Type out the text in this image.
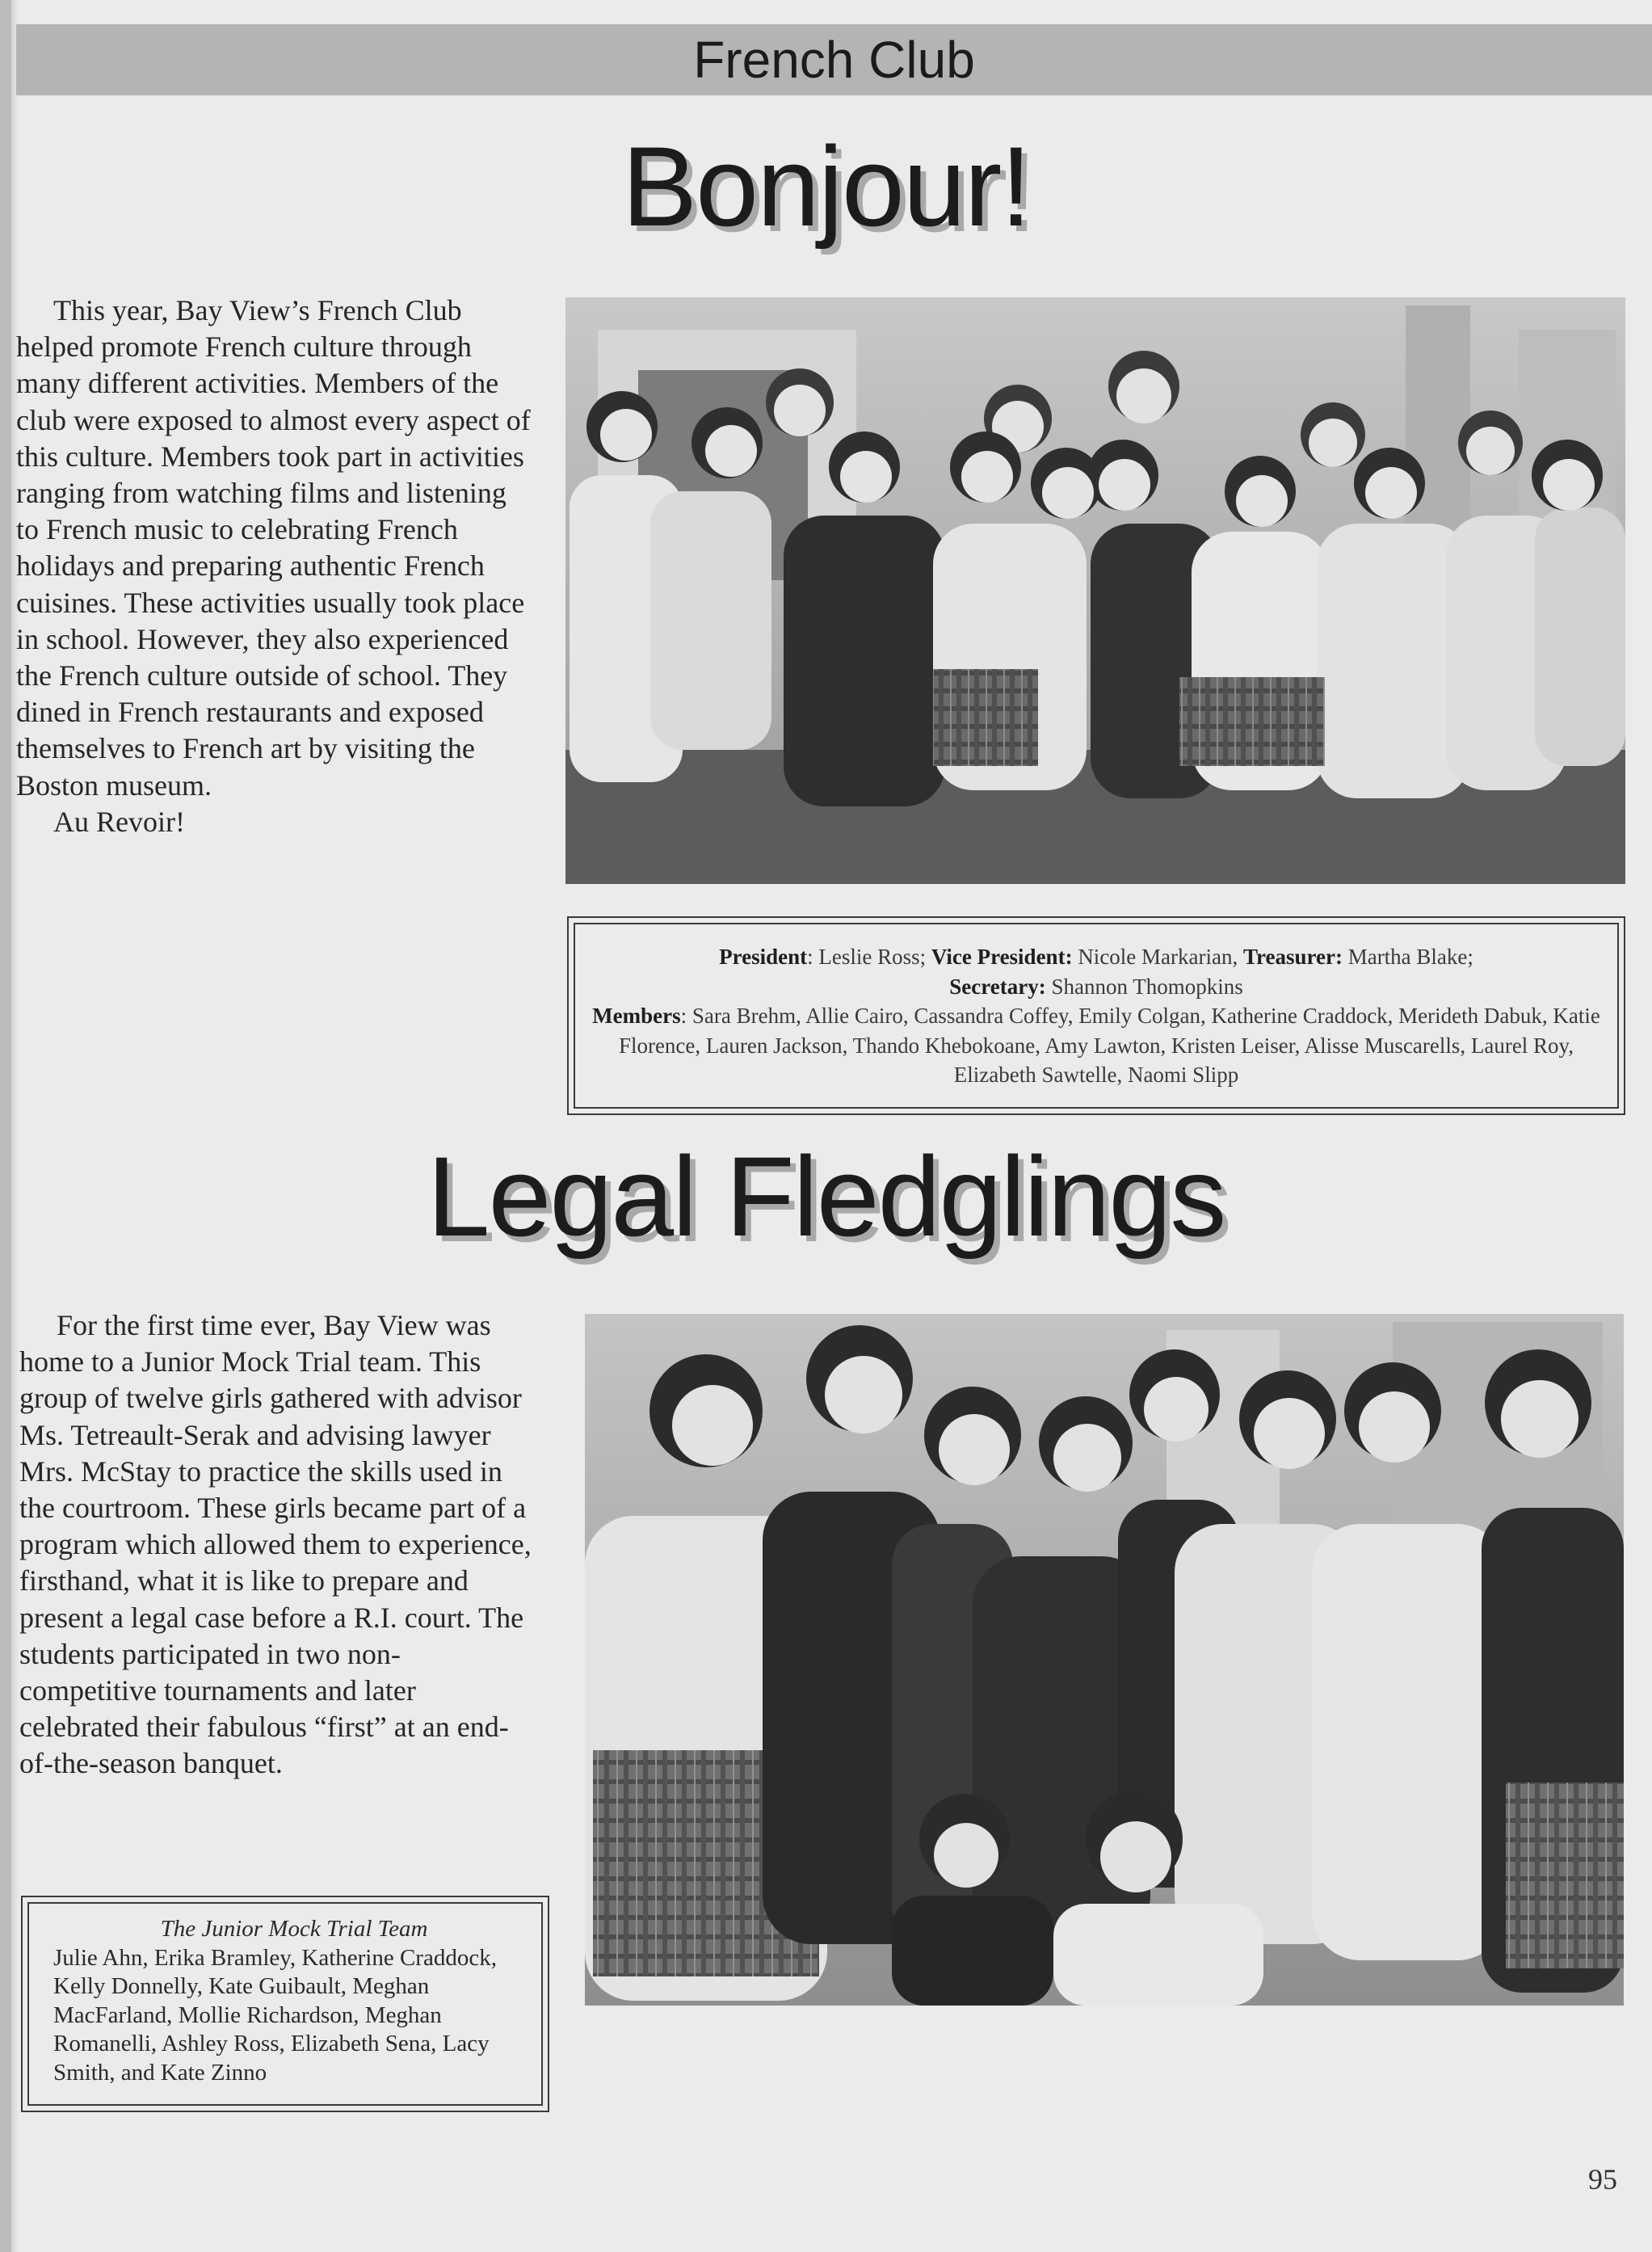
French Club
Bonjour!

This year, Bay View’s French Club helped promote French culture through many different activities. Members of the club were exposed to almost every aspect of this culture. Members took part in activities ranging from watching films and listening to French music to celebrating French holidays and preparing authentic French cuisines. These activities usually took place in school. However, they also experienced the French culture outside of school. They dined in French restaurants and exposed themselves to French art by visiting the Boston museum.

Au Revoir!

President: Leslie Ross; Vice President: Nicole Markarian, Treasurer: Martha Blake;
Secretary: Shannon Thomopkins
Members: Sara Brehm, Allie Cairo, Cassandra Coffey, Emily Colgan, Katherine Craddock, Merideth Dabuk, Katie Florence, Lauren Jackson, Thando Khebokoane, Amy Lawton, Kristen Leiser, Alisse Muscarells, Laurel Roy, Elizabeth Sawtelle, Naomi Slipp
Legal Fledglings

For the first time ever, Bay View was home to a Junior Mock Trial team. This group of twelve girls gathered with advisor Ms. Tetreault-Serak and advising lawyer Mrs. McStay to practice the skills used in the courtroom. These girls became part of a program which allowed them to experience, firsthand, what it is like to prepare and present a legal case before a R.I. court. The students participated in two non-competitive tournaments and later celebrated their fabulous “first” at an end-of-the-season banquet.

The Junior Mock Trial Team
Julie Ahn, Erika Bramley, Katherine Craddock, Kelly Donnelly, Kate Guibault, Meghan MacFarland, Mollie Richardson, Meghan Romanelli, Ashley Ross, Elizabeth Sena, Lacy Smith, and Kate Zinno
95
